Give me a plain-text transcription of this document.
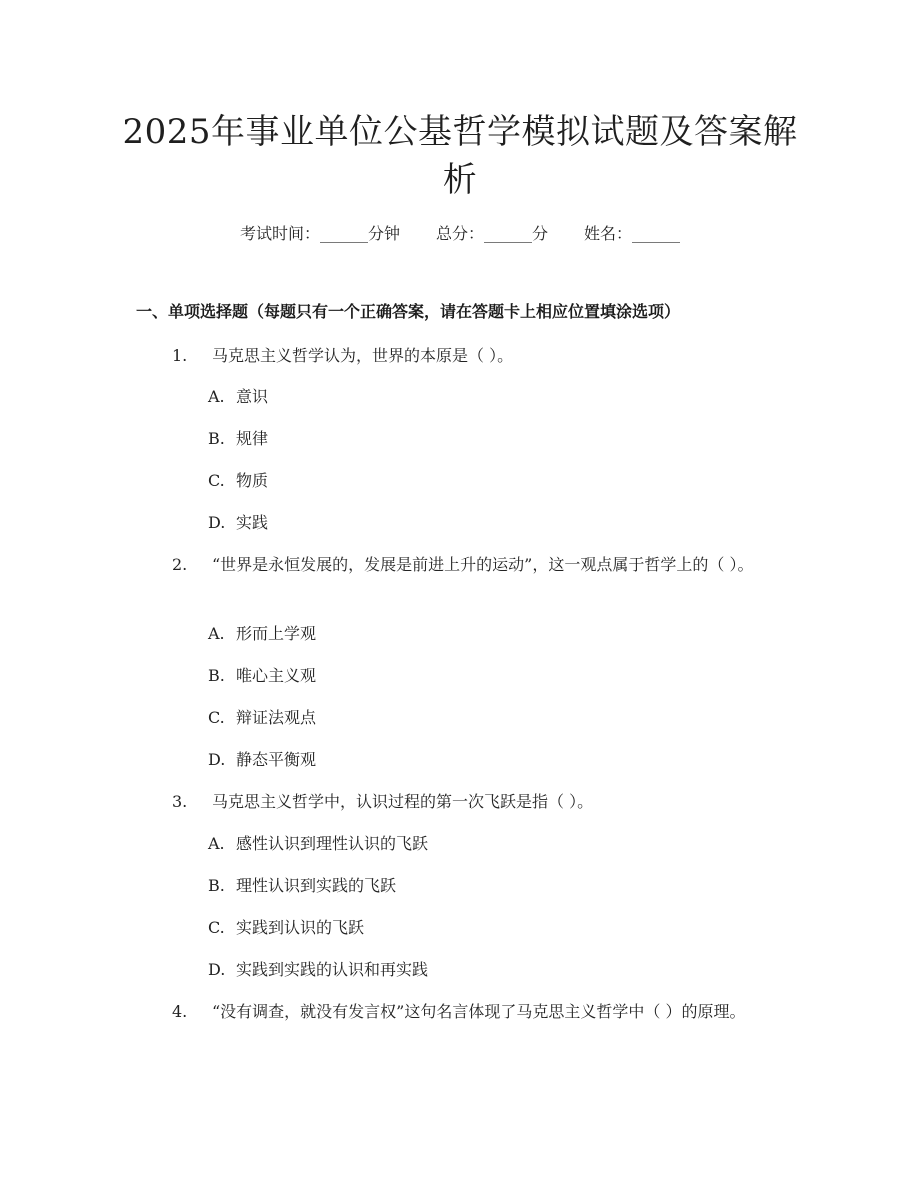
2025年事业单位公基哲学模拟试题及答案解析
考试时间：______分钟 总分：______分 姓名：______
一、单项选择题（每题只有一个正确答案，请在答题卡上相应位置填涂选项）
1. 马克思主义哲学认为，世界的本原是（ ）。
A. 意识
B. 规律
C. 物质
D. 实践
2. “世界是永恒发展的，发展是前进上升的运动”，这一观点属于哲学上的（ ）。
A. 形而上学观
B. 唯心主义观
C. 辩证法观点
D. 静态平衡观
3. 马克思主义哲学中，认识过程的第一次飞跃是指（ ）。
A. 感性认识到理性认识的飞跃
B. 理性认识到实践的飞跃
C. 实践到认识的飞跃
D. 实践到实践的认识和再实践
4. “没有调查，就没有发言权”这句名言体现了马克思主义哲学中（ ）的原理。
